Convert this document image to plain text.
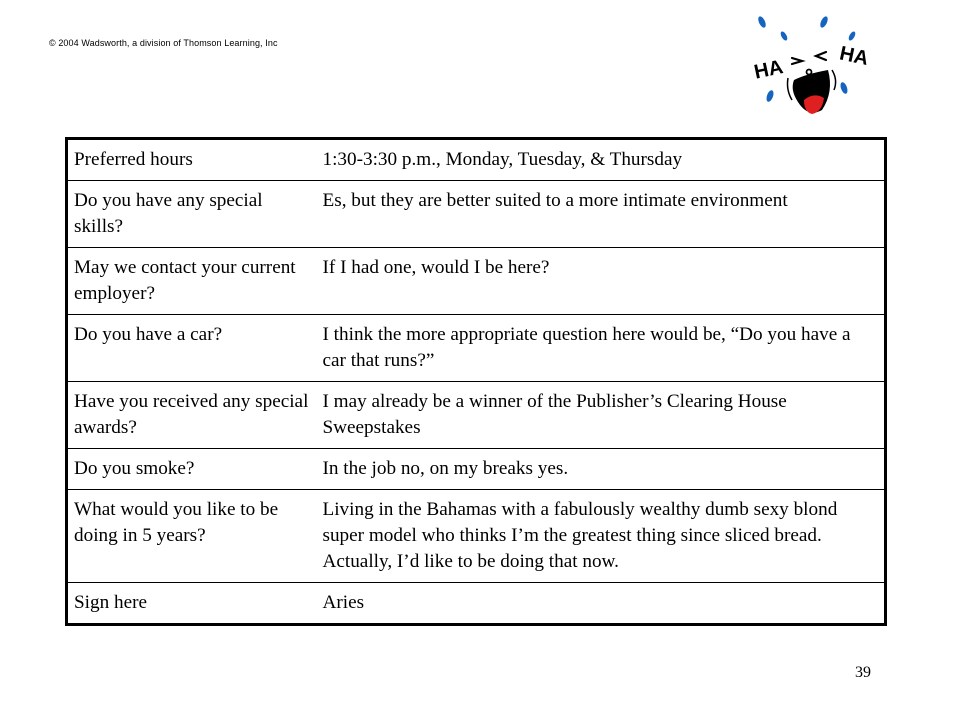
© 2004 Wadsworth, a division of Thomson Learning, Inc
HA	HA
Preferred hours	1:30-3:30 p.m., Monday, Tuesday, & Thursday
Do you have any special skills?	Es, but they are better suited to a more intimate environment
May we contact your current employer?	If I had one, would I be here?
Do you have a car?	I think the more appropriate question here would be, “Do you have a car that runs?”
Have you received any special awards?	I may already be a winner of the Publisher’s Clearing House Sweepstakes
Do you smoke?	In the job no, on my breaks yes.
What would you like to be doing in 5 years?	Living in the Bahamas with a fabulously wealthy dumb sexy blond super model who thinks I’m the greatest thing since sliced bread. Actually, I’d like to be doing that now.
Sign here	Aries
39
